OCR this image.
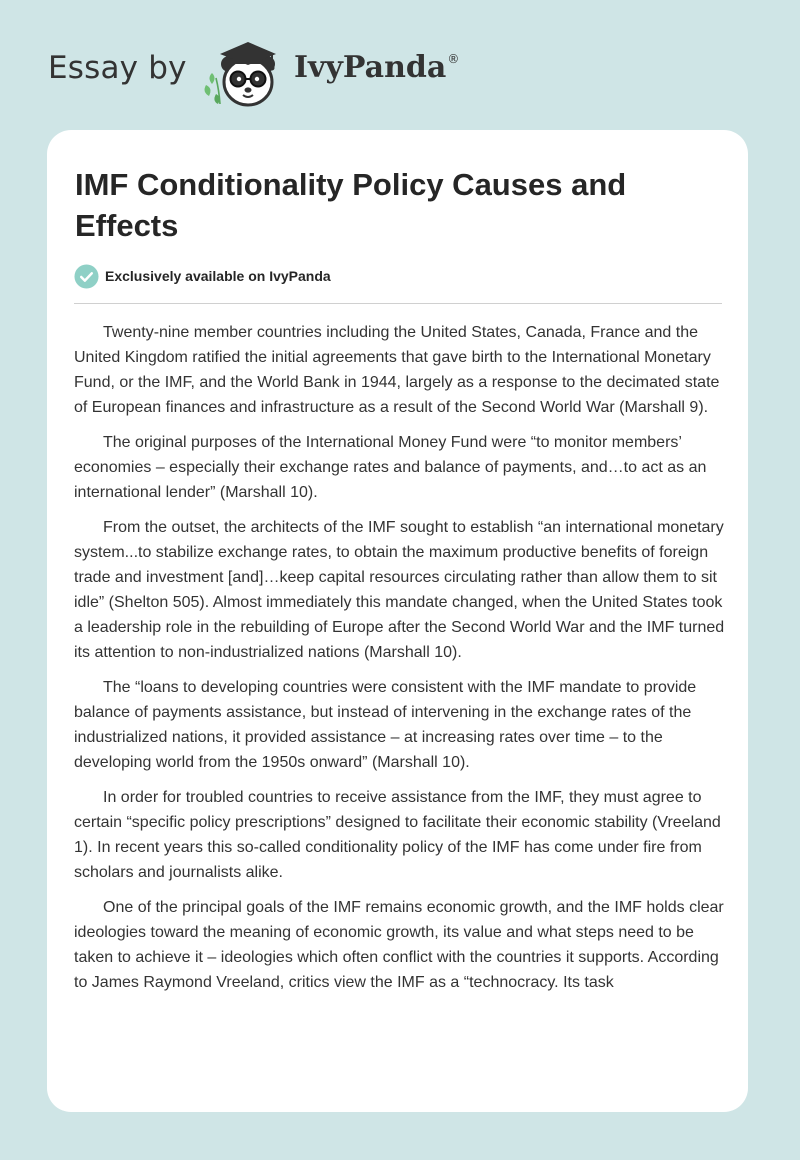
Essay by	IvyPanda®
IMF Conditionality Policy Causes and Effects
Exclusively available on IvyPanda

Twenty-nine member countries including the United States, Canada, France and the United Kingdom ratified the initial agreements that gave birth to the International Monetary Fund, or the IMF, and the World Bank in 1944, largely as a response to the decimated state of European finances and infrastructure as a result of the Second World War (Marshall 9).

The original purposes of the International Money Fund were “to monitor members’ economies – especially their exchange rates and balance of payments, and…to act as an international lender” (Marshall 10).

From the outset, the architects of the IMF sought to establish “an international monetary system...to stabilize exchange rates, to obtain the maximum productive benefits of foreign trade and investment [and]…keep capital resources circulating rather than allow them to sit idle” (Shelton 505). Almost immediately this mandate changed, when the United States took a leadership role in the rebuilding of Europe after the Second World War and the IMF turned its attention to non-industrialized nations (Marshall 10).

The “loans to developing countries were consistent with the IMF mandate to provide balance of payments assistance, but instead of intervening in the exchange rates of the industrialized nations, it provided assistance – at increasing rates over time – to the developing world from the 1950s onward” (Marshall 10).

In order for troubled countries to receive assistance from the IMF, they must agree to certain “specific policy prescriptions” designed to facilitate their economic stability (Vreeland 1). In recent years this so-called conditionality policy of the IMF has come under fire from scholars and journalists alike.

One of the principal goals of the IMF remains economic growth, and the IMF holds clear ideologies toward the meaning of economic growth, its value and what steps need to be taken to achieve it – ideologies which often conflict with the countries it supports. According to James Raymond Vreeland, critics view the IMF as a “technocracy. Its task
